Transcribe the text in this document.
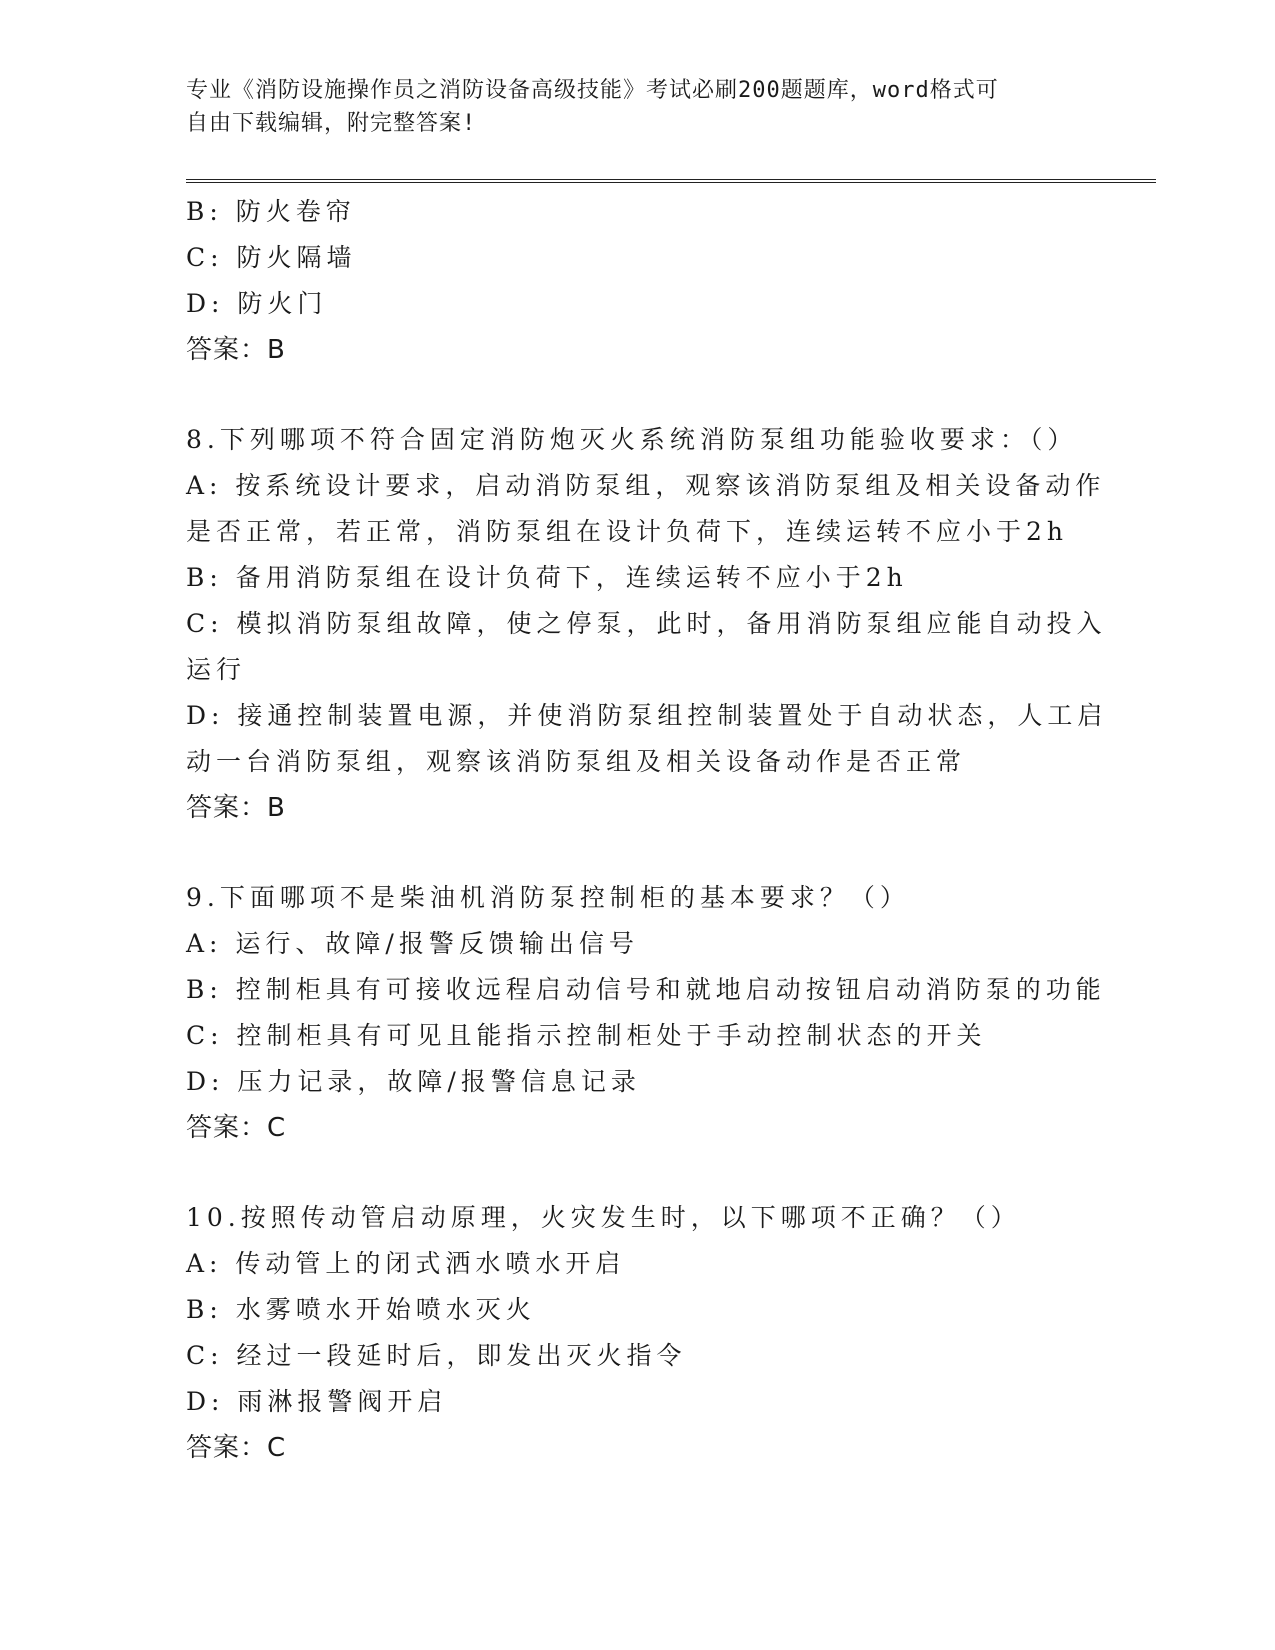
专业《消防设施操作员之消防设备高级技能》考试必刷200题题库，word格式可
自由下载编辑，附完整答案!
B: 防火卷帘
C: 防火隔墙
D: 防火门
答案：B
8.下列哪项不符合固定消防炮灭火系统消防泵组功能验收要求：（）
A: 按系统设计要求，启动消防泵组，观察该消防泵组及相关设备动作
是否正常，若正常，消防泵组在设计负荷下，连续运转不应小于2h
B: 备用消防泵组在设计负荷下，连续运转不应小于2h
C: 模拟消防泵组故障，使之停泵，此时，备用消防泵组应能自动投入
运行
D: 接通控制装置电源，并使消防泵组控制装置处于自动状态，人工启
动一台消防泵组，观察该消防泵组及相关设备动作是否正常
答案：B
9.下面哪项不是柴油机消防泵控制柜的基本要求？（）
A: 运行、故障/报警反馈输出信号
B: 控制柜具有可接收远程启动信号和就地启动按钮启动消防泵的功能
C: 控制柜具有可见且能指示控制柜处于手动控制状态的开关
D: 压力记录，故障/报警信息记录
答案：C
10.按照传动管启动原理，火灾发生时，以下哪项不正确？（）
A: 传动管上的闭式洒水喷水开启
B: 水雾喷水开始喷水灭火
C: 经过一段延时后，即发出灭火指令
D: 雨淋报警阀开启
答案：C
